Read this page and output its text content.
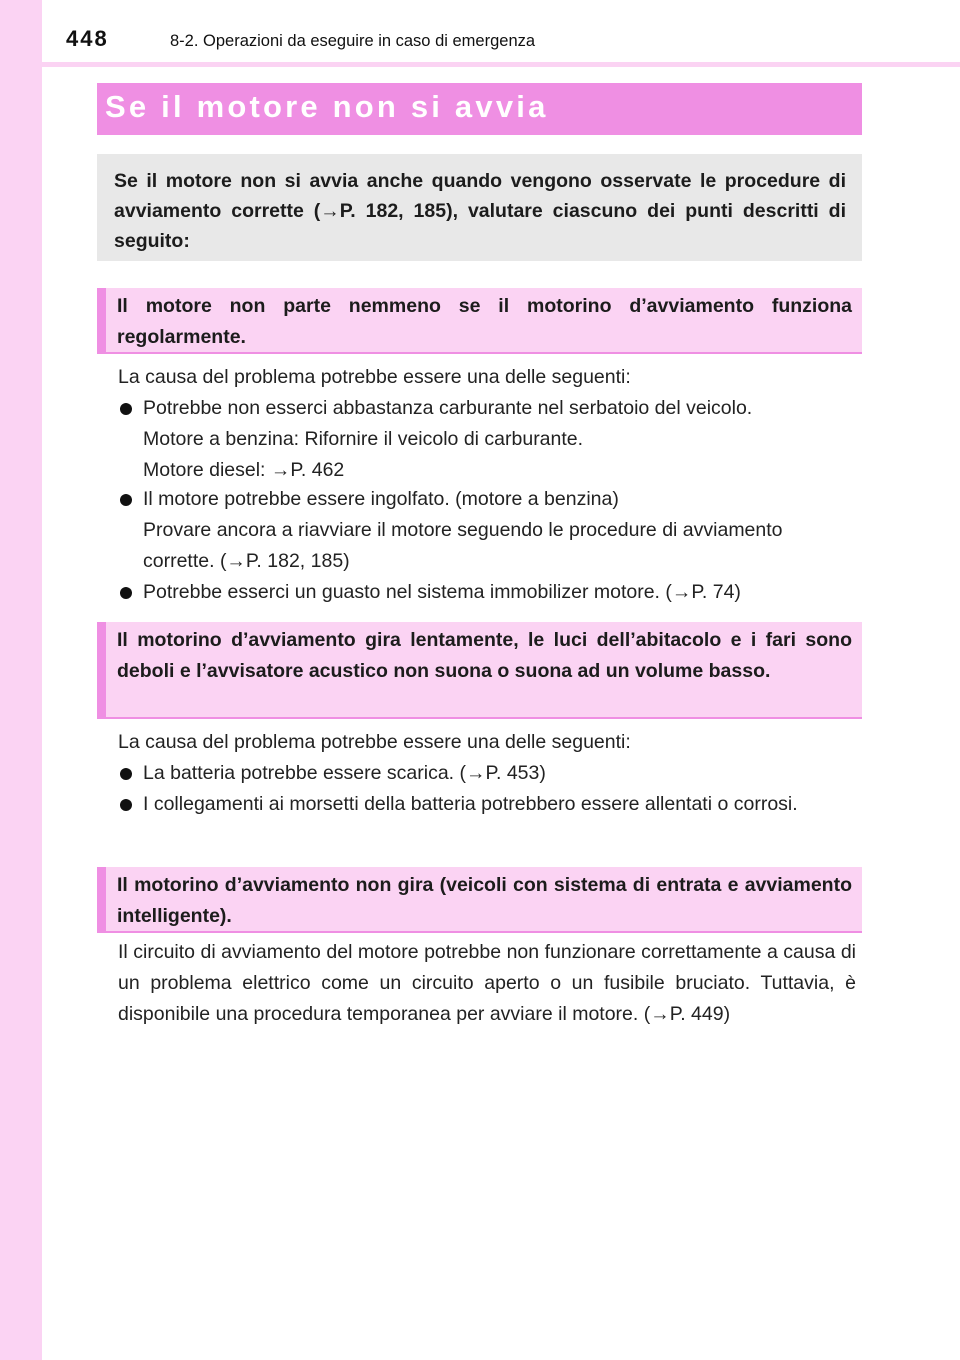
448	8-2. Operazioni da eseguire in caso di emergenza
Se il motore non si avvia
Se il motore non si avvia anche quando vengono osservate le procedure di avviamento corrette (→P. 182, 185), valutare ciascuno dei punti descritti di seguito:
Il motore non parte nemmeno se il motorino d’avviamento funziona regolarmente.
La causa del problema potrebbe essere una delle seguenti:
Potrebbe non esserci abbastanza carburante nel serbatoio del veicolo.
Motore a benzina: Rifornire il veicolo di carburante.
Motore diesel: →P. 462
Il motore potrebbe essere ingolfato. (motore a benzina)
Provare ancora a riavviare il motore seguendo le procedure di avviamento corrette. (→P. 182, 185)
Potrebbe esserci un guasto nel sistema immobilizer motore. (→P. 74)
Il motorino d’avviamento gira lentamente, le luci dell’abitacolo e i fari sono deboli e l’avvisatore acustico non suona o suona ad un volume basso.
La causa del problema potrebbe essere una delle seguenti:
La batteria potrebbe essere scarica. (→P. 453)
I collegamenti ai morsetti della batteria potrebbero essere allentati o corrosi.
Il motorino d’avviamento non gira (veicoli con sistema di entrata e avviamento intelligente).
Il circuito di avviamento del motore potrebbe non funzionare correttamente a causa di un problema elettrico come un circuito aperto o un fusibile bruciato. Tuttavia, è disponibile una procedura temporanea per avviare il motore. (→P. 449)
